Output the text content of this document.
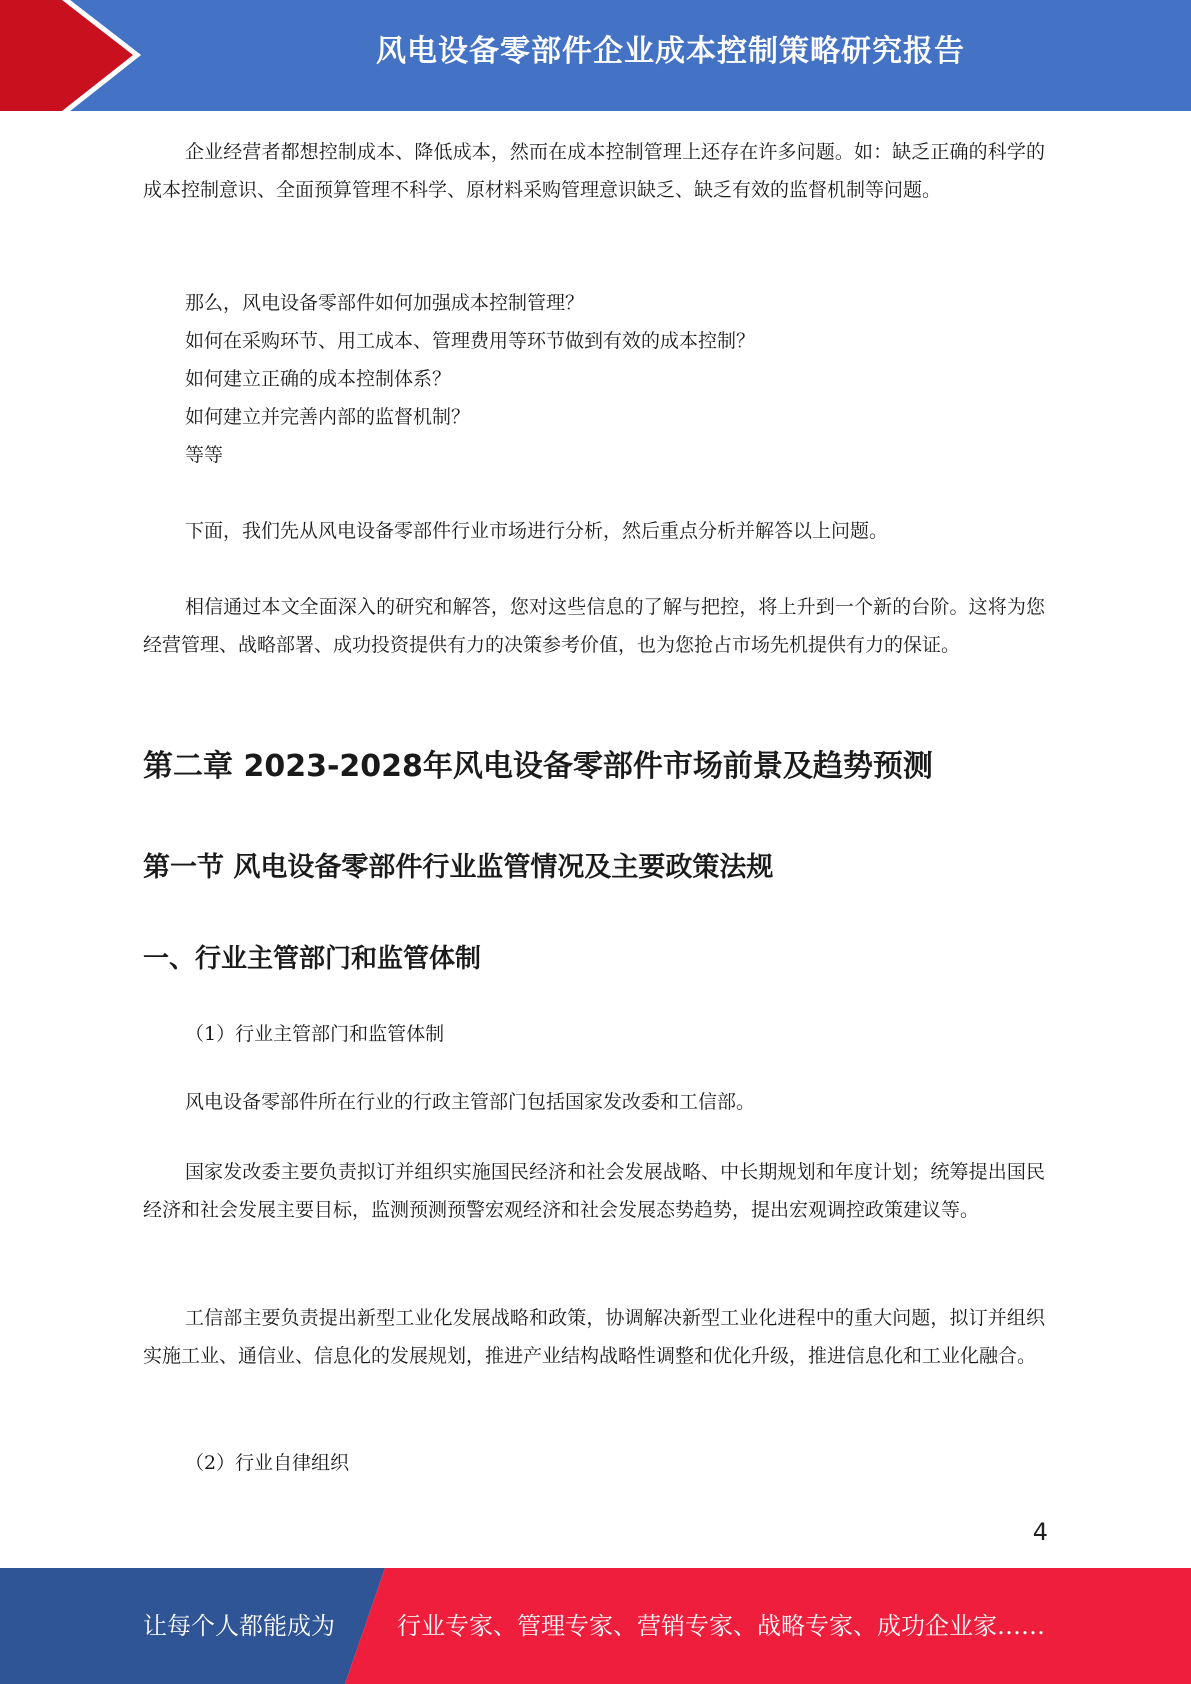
风电设备零部件企业成本控制策略研究报告

企业经营者都想控制成本、降低成本，然而在成本控制管理上还存在许多问题。如：缺乏正确的科学的成本控制意识、全面预算管理不科学、原材料采购管理意识缺乏、缺乏有效的监督机制等问题。

那么，风电设备零部件如何加强成本控制管理？

如何在采购环节、用工成本、管理费用等环节做到有效的成本控制？

如何建立正确的成本控制体系？

如何建立并完善内部的监督机制？

等等

下面，我们先从风电设备零部件行业市场进行分析，然后重点分析并解答以上问题。

相信通过本文全面深入的研究和解答，您对这些信息的了解与把控，将上升到一个新的台阶。这将为您经营管理、战略部署、成功投资提供有力的决策参考价值，也为您抢占市场先机提供有力的保证。

第二章 2023-2028年风电设备零部件市场前景及趋势预测
第一节 风电设备零部件行业监管情况及主要政策法规
一、行业主管部门和监管体制

（1）行业主管部门和监管体制

风电设备零部件所在行业的行政主管部门包括国家发改委和工信部。

国家发改委主要负责拟订并组织实施国民经济和社会发展战略、中长期规划和年度计划；统筹提出国民经济和社会发展主要目标，监测预测预警宏观经济和社会发展态势趋势，提出宏观调控政策建议等。

工信部主要负责提出新型工业化发展战略和政策，协调解决新型工业化进程中的重大问题，拟订并组织实施工业、通信业、信息化的发展规划，推进产业结构战略性调整和优化升级，推进信息化和工业化融合。

（2）行业自律组织

4
让每个人都能成为	行业专家、管理专家、营销专家、战略专家、成功企业家……
